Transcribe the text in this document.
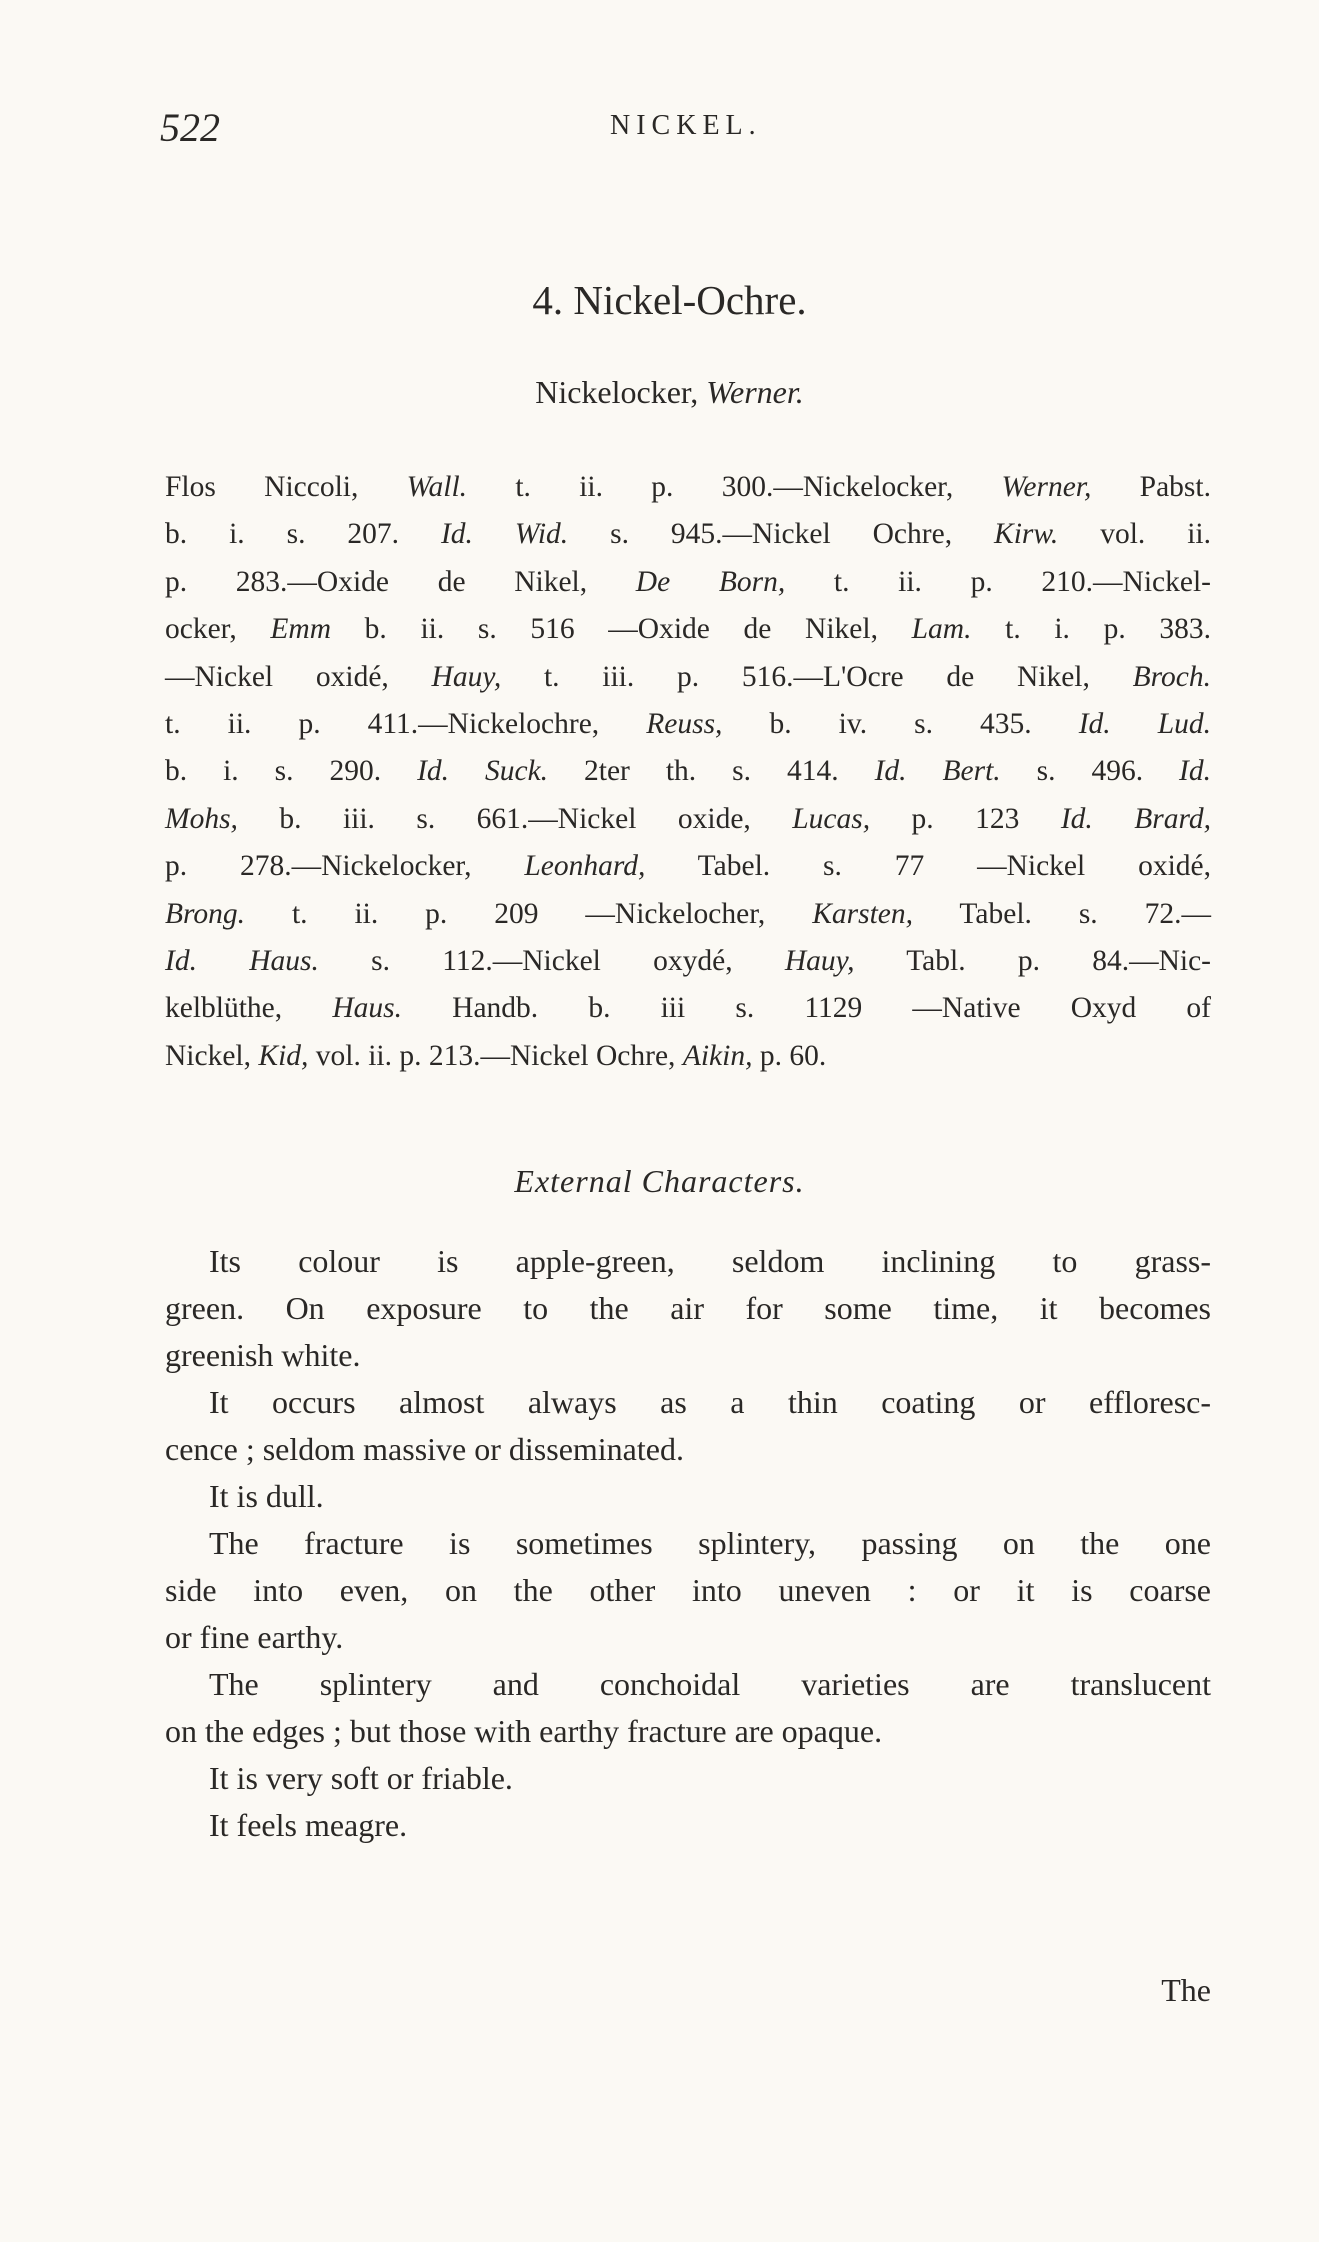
522	NICKEL.
4. Nickel-Ochre.
Nickelocker, Werner.
Flos Niccoli, Wall. t. ii. p. 300.—Nickelocker, Werner, Pabst.
b. i. s. 207. Id. Wid. s. 945.—Nickel Ochre, Kirw. vol. ii.
p. 283.—Oxide de Nikel, De Born, t. ii. p. 210.—Nickel-
ocker, Emm b. ii. s. 516 —Oxide de Nikel, Lam. t. i. p. 383.
—Nickel oxidé, Hauy, t. iii. p. 516.—L'Ocre de Nikel, Broch.
t. ii. p. 411.—Nickelochre, Reuss, b. iv. s. 435. Id. Lud.
b. i. s. 290. Id. Suck. 2ter th. s. 414. Id. Bert. s. 496. Id.
Mohs, b. iii. s. 661.—Nickel oxide, Lucas, p. 123 Id. Brard,
p. 278.—Nickelocker, Leonhard, Tabel. s. 77 —Nickel oxidé,
Brong. t. ii. p. 209 —Nickelocher, Karsten, Tabel. s. 72.—
Id. Haus. s. 112.—Nickel oxydé, Hauy, Tabl. p. 84.—Nic-
kelblüthe, Haus. Handb. b. iii s. 1129 —Native Oxyd of
Nickel, Kid, vol. ii. p. 213.—Nickel Ochre, Aikin, p. 60.
External Characters.

Its colour is apple-green, seldom inclining to grass-
green. On exposure to the air for some time, it becomes
greenish white.

It occurs almost always as a thin coating or effloresc-
cence ; seldom massive or disseminated.

It is dull.

The fracture is sometimes splintery, passing on the one
side into even, on the other into uneven : or it is coarse
or fine earthy.

The splintery and conchoidal varieties are translucent
on the edges ; but those with earthy fracture are opaque.

It is very soft or friable.

It feels meagre.

The
